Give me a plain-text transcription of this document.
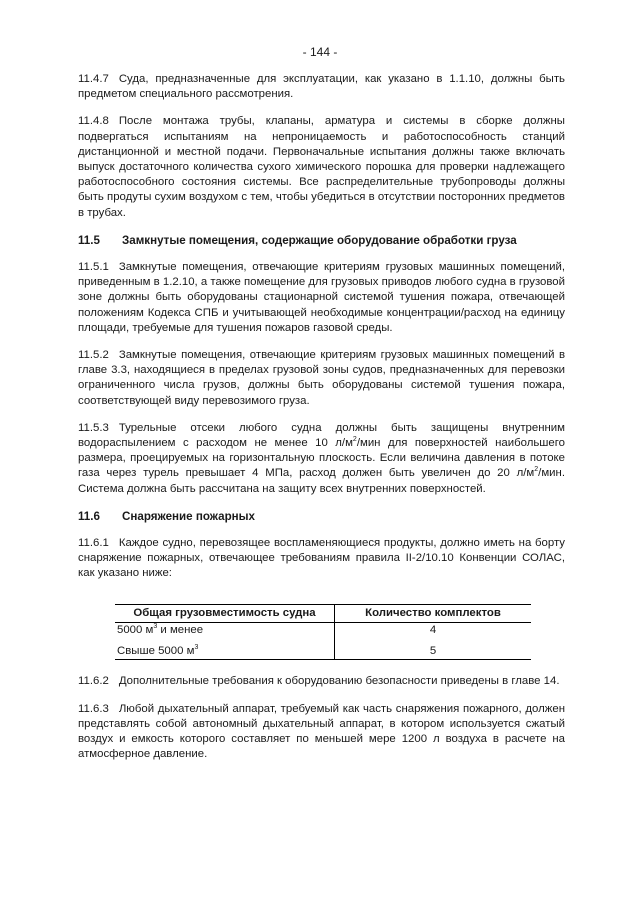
- 144 -

11.4.7 Суда, предназначенные для эксплуатации, как указано в 1.1.10, должны быть предметом специального рассмотрения.

11.4.8 После монтажа трубы, клапаны, арматура и системы в сборке должны подвергаться испытаниям на непроницаемость и работоспособность станций дистанционной и местной подачи. Первоначальные испытания должны также включать выпуск достаточного количества сухого химического порошка для проверки надлежащего работоспособного состояния системы. Все распределительные трубопроводы должны быть продуты сухим воздухом с тем, чтобы убедиться в отсутствии посторонних предметов в трубах.

11.5	Замкнутые помещения, содержащие оборудование обработки груза

11.5.1 Замкнутые помещения, отвечающие критериям грузовых машинных помещений, приведенным в 1.2.10, а также помещение для грузовых приводов любого судна в грузовой зоне должны быть оборудованы стационарной системой тушения пожара, отвечающей положениям Кодекса СПБ и учитывающей необходимые концентрации/расход на единицу площади, требуемые для тушения пожаров газовой среды.

11.5.2 Замкнутые помещения, отвечающие критериям грузовых машинных помещений в главе 3.3, находящиеся в пределах грузовой зоны судов, предназначенных для перевозки ограниченного числа грузов, должны быть оборудованы системой тушения пожара, соответствующей виду перевозимого груза.

11.5.3 Турельные отсеки любого судна должны быть защищены внутренним водораспылением с расходом не менее 10 $л/м^2$/мин для поверхностей наибольшего размера, проецируемых на горизонтальную плоскость. Если величина давления в потоке газа через турель превышает 4 МПа, расход должен быть увеличен до 20 $л/м^2$/мин. Система должна быть рассчитана на защиту всех внутренних поверхностей.

11.6	Снаряжение пожарных

11.6.1 Каждое судно, перевозящее воспламеняющиеся продукты, должно иметь на борту снаряжение пожарных, отвечающее требованиям правила II-2/10.10 Конвенции СОЛАС, как указано ниже:

Общая грузовместимость судна	Количество комплектов
5000 $м^3$ и менее	4
Свыше 5000 $м^3$	5

11.6.2 Дополнительные требования к оборудованию безопасности приведены в главе 14.

11.6.3 Любой дыхательный аппарат, требуемый как часть снаряжения пожарного, должен представлять собой автономный дыхательный аппарат, в котором используется сжатый воздух и емкость которого составляет по меньшей мере 1200 л воздуха в расчете на атмосферное давление.
